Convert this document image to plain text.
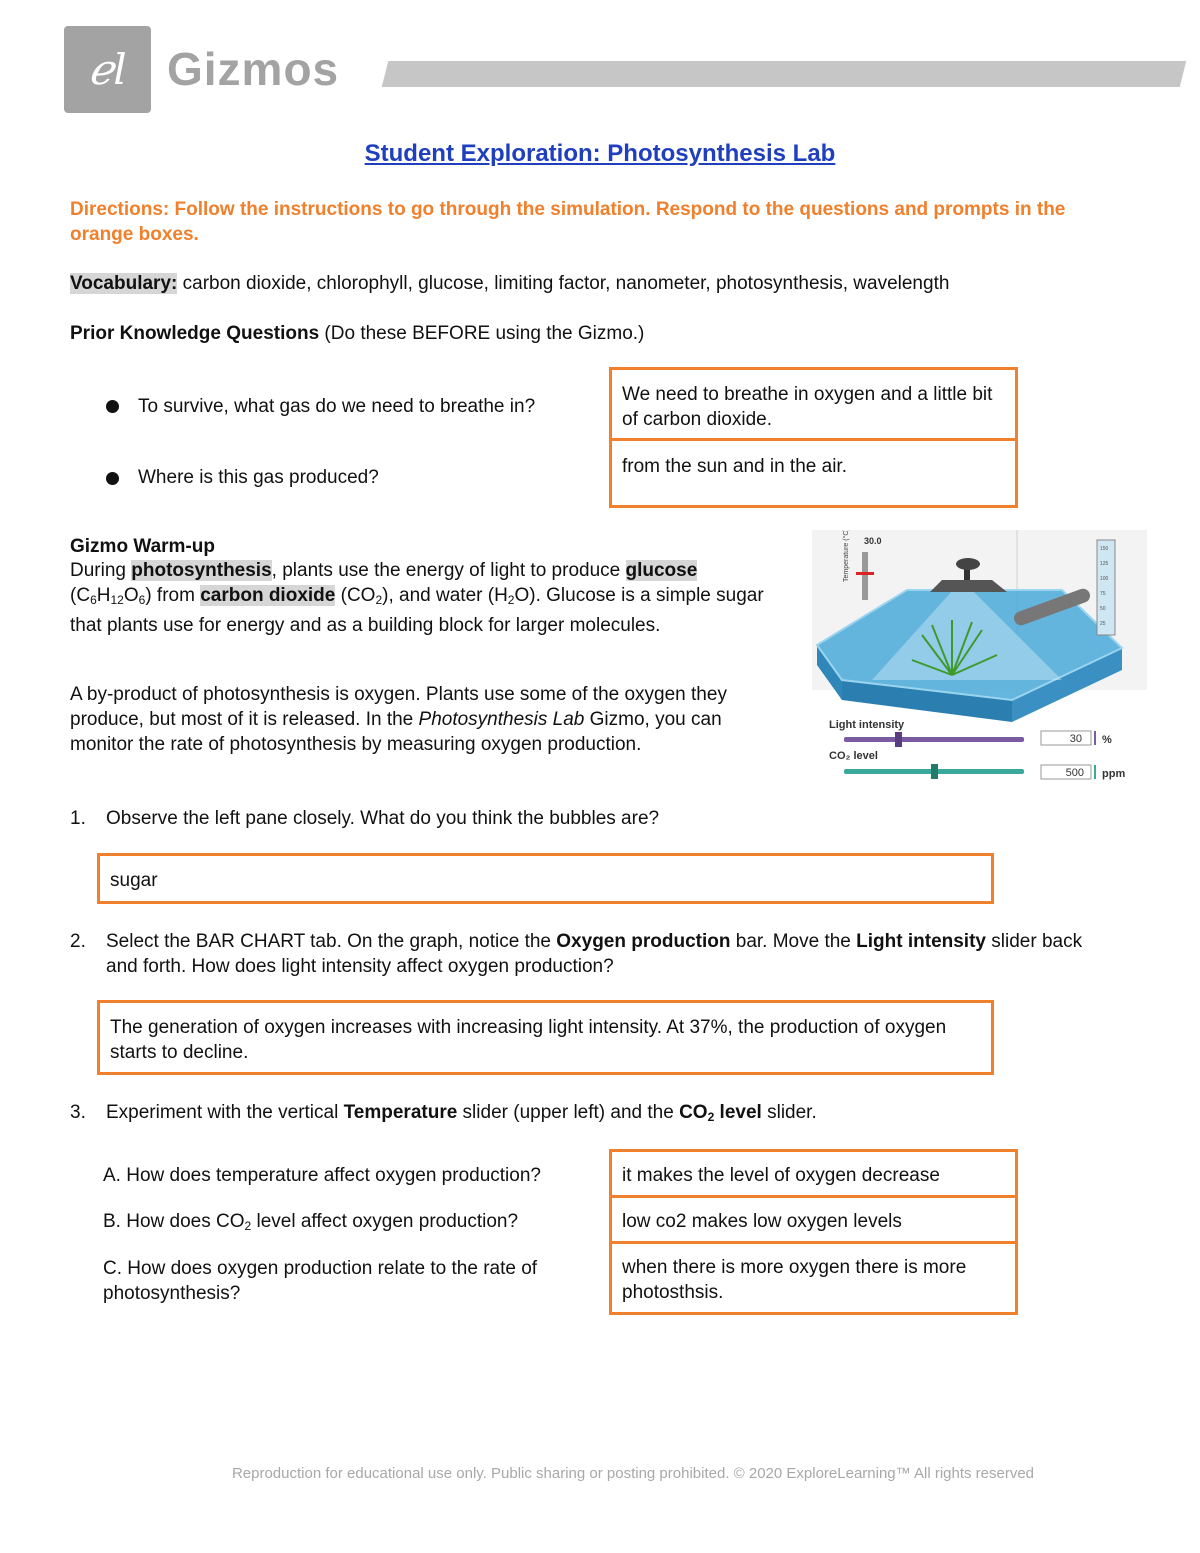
ℯl Gizmos
Student Exploration: Photosynthesis Lab
Directions: Follow the instructions to go through the simulation. Respond to the questions and prompts in the orange boxes.
Vocabulary: carbon dioxide, chlorophyll, glucose, limiting factor, nanometer, photosynthesis, wavelength
Prior Knowledge Questions (Do these BEFORE using the Gizmo.)
To survive, what gas do we need to breathe in?
Where is this gas produced?
We need to breathe in oxygen and a little bit of carbon dioxide.
from the sun and in the air.
Gizmo Warm-up
During photosynthesis, plants use the energy of light to produce glucose
$(C_6H_{12}O_6)$ from carbon dioxide $(CO_2)$, and water $(H_2O)$. Glucose is a simple sugar that plants use for energy and as a building block for larger molecules.
A by-product of photosynthesis is oxygen. Plants use some of the oxygen they produce, but most of it is released. In the Photosynthesis Lab Gizmo, you can monitor the rate of photosynthesis by measuring oxygen production.
Temperature (°C) 30.0
150
125
100
75
50
25
Light intensity
30 %
CO₂ level
500 ppm
1. Observe the left pane closely. What do you think the bubbles are?
sugar
2. Select the BAR CHART tab. On the graph, notice the Oxygen production bar. Move the Light intensity slider back and forth. How does light intensity affect oxygen production?
The generation of oxygen increases with increasing light intensity. At 37%, the production of oxygen starts to decline.
3. Experiment with the vertical Temperature slider (upper left) and the $CO_2$ level slider.
A. How does temperature affect oxygen production?
B. How does $CO_2$ level affect oxygen production?
C. How does oxygen production relate to the rate of photosynthesis?
it makes the level of oxygen decrease
low co2 makes low oxygen levels
when there is more oxygen there is more photosthsis.
Reproduction for educational use only. Public sharing or posting prohibited. © 2020 ExploreLearning™ All rights reserved
